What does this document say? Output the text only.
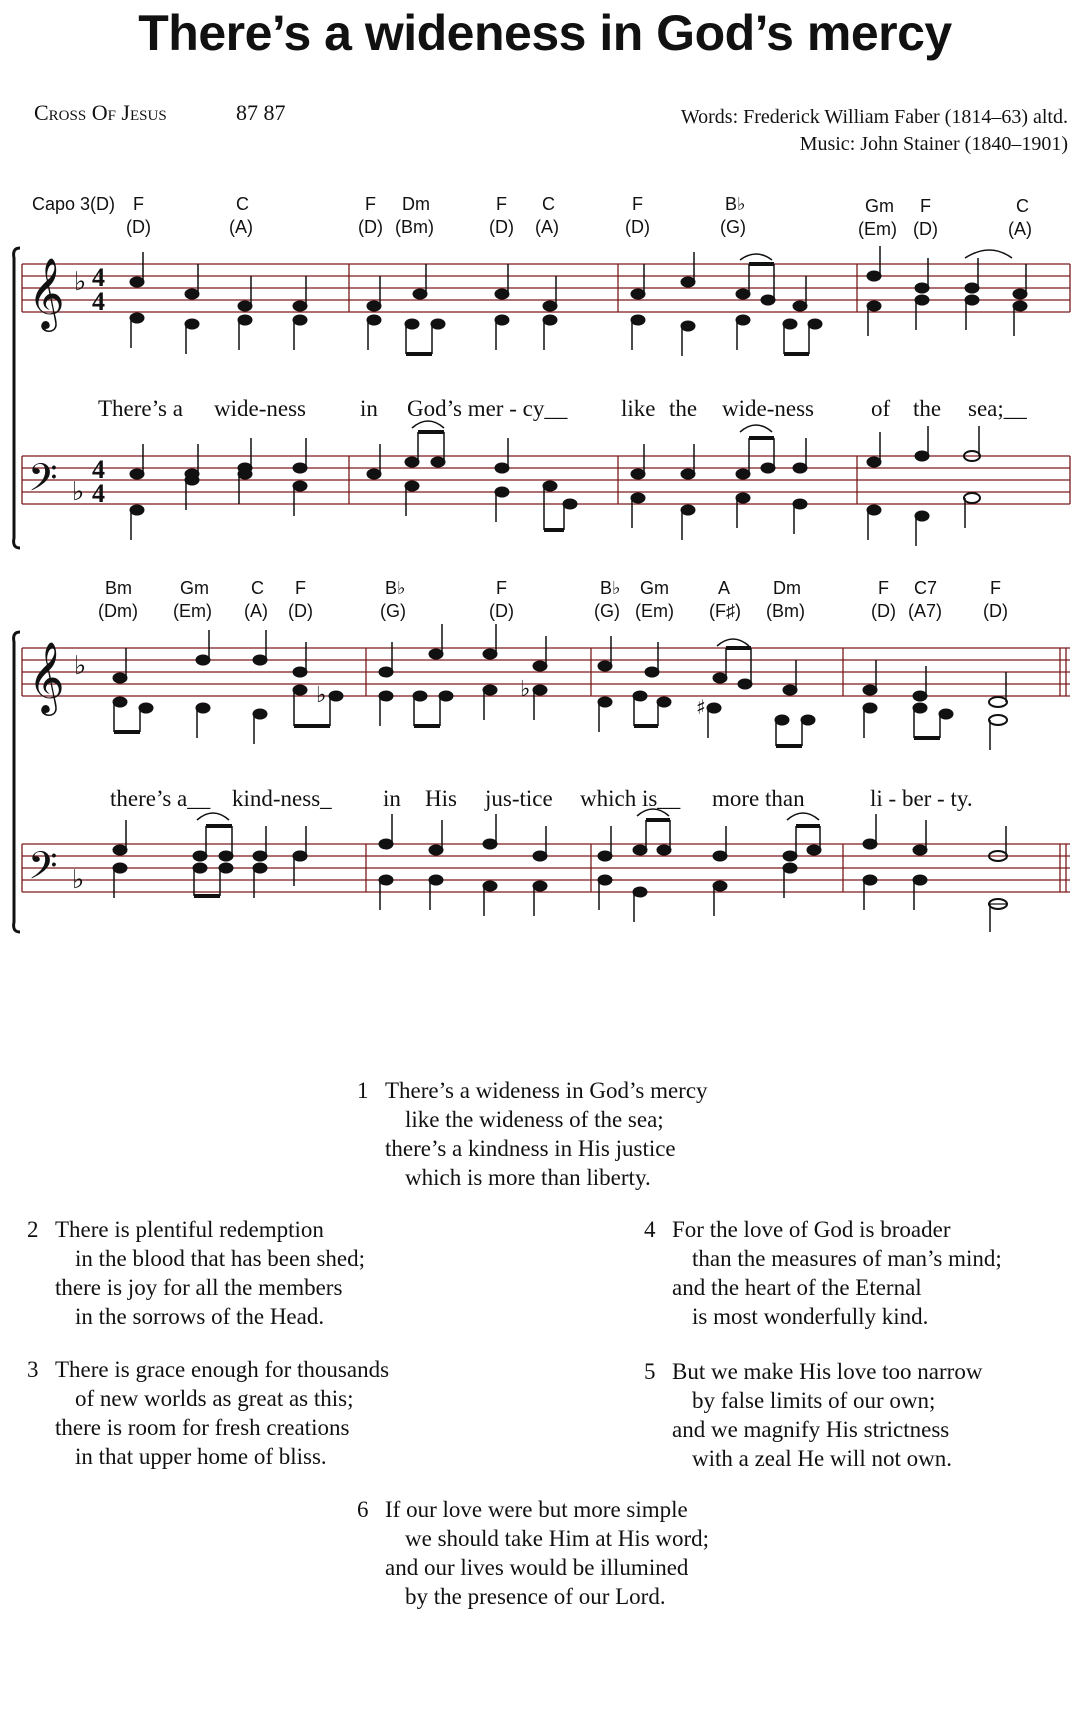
There’s a wideness in God’s mercy
Cross Of Jesus	87 87	Words: Frederick William Faber (1814–63) altd.
Music: John Stainer (1840–1901)
Capo 3(D) F
(D)
C
(A)
F
(D)
Dm
(Bm)
F
(D)
C
(A)
F
(D)
B♭
(G)
Gm
(Em)
F
(D)
C
(A)
𝄞 ♭ 4
4
There’s a wide-ness in God’s mer - cy__ like the wide-ness of the sea;__
𝄢 ♭
4
4
Bm
(Dm)
Gm
(Em)
C
(A)
F
(D)
B♭
(G)
F
(D)
B♭
(G)
Gm
(Em)
A
(F♯)
Dm
(Bm)
F
(D)
C7
(A7)
F
(D)
𝄞 ♭
♭	♭
♯
there’s a__ kind-ness_ in His jus-tice which is__ more than	li - ber - ty.
𝄢 ♭
1 There’s a wideness in God’s mercy
like the wideness of the sea;
there’s a kindness in His justice
which is more than liberty.
2 There is plentiful redemption
in the blood that has been shed;
there is joy for all the members
in the sorrows of the Head.
3 There is grace enough for thousands
of new worlds as great as this;
there is room for fresh creations
in that upper home of bliss.
4 For the love of God is broader
than the measures of man’s mind;
and the heart of the Eternal
is most wonderfully kind.
5 But we make His love too narrow
by false limits of our own;
and we magnify His strictness
with a zeal He will not own.
6 If our love were but more simple
we should take Him at His word;
and our lives would be illumined
by the presence of our Lord.
